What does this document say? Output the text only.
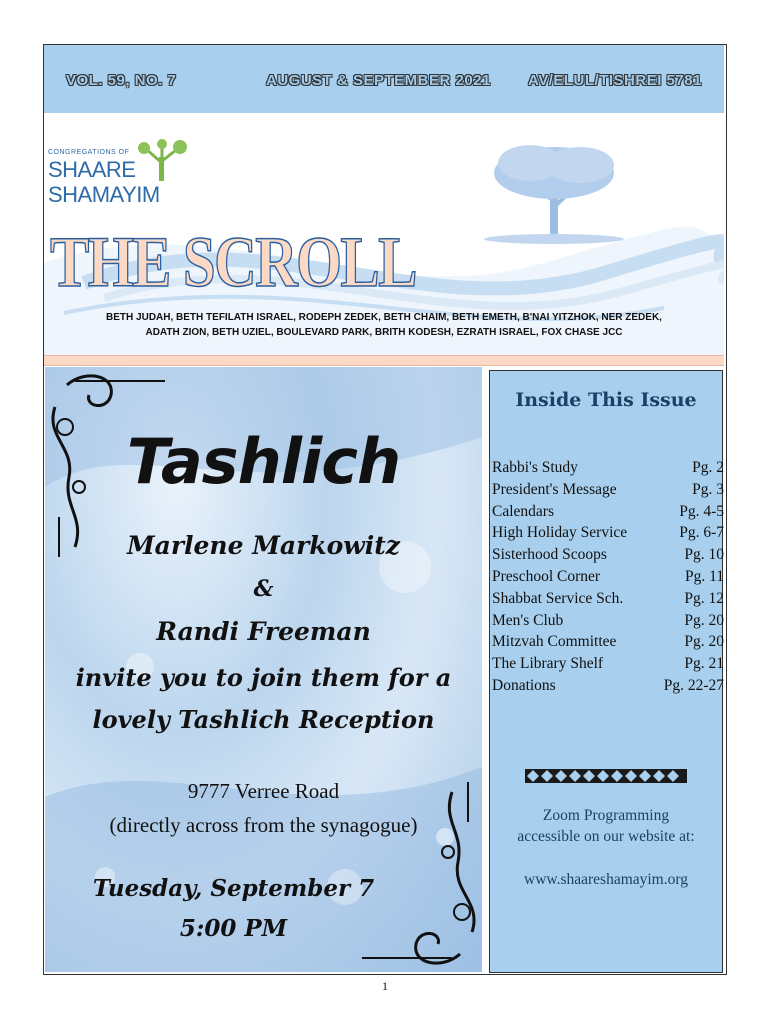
VOL. 59, NO. 7	AUGUST & SEPTEMBER 2021 AV/ELUL/TISHREI 5781
CONGREGATIONS OF
SHAARE
SHAMAYIM
THE SCROLL
BETH JUDAH, BETH TEFILATH ISRAEL, RODEPH ZEDEK, BETH CHAIM, BETH EMETH, B'NAI YITZHOK, NER ZEDEK,
ADATH ZION, BETH UZIEL, BOULEVARD PARK, BRITH KODESH, EZRATH ISRAEL, FOX CHASE JCC
Tashlich
Marlene Markowitz
&
Randi Freeman
invite you to join them for a
lovely Tashlich Reception
9777 Verree Road
(directly across from the synagogue)
Tuesday, September 7
5:00 PM
Inside This Issue
Rabbi's Study	Pg. 2
President's Message	Pg. 3
Calendars	Pg. 4-5
High Holiday Service	Pg. 6-7
Sisterhood Scoops	Pg. 10
Preschool Corner	Pg. 11
Shabbat Service Sch.	Pg. 12
Men's Club	Pg. 20
Mitzvah Committee	Pg. 20
The Library Shelf	Pg. 21
Donations	Pg. 22-27
Zoom Programming
accessible on our website at:
www.shaareshamayim.org
1
